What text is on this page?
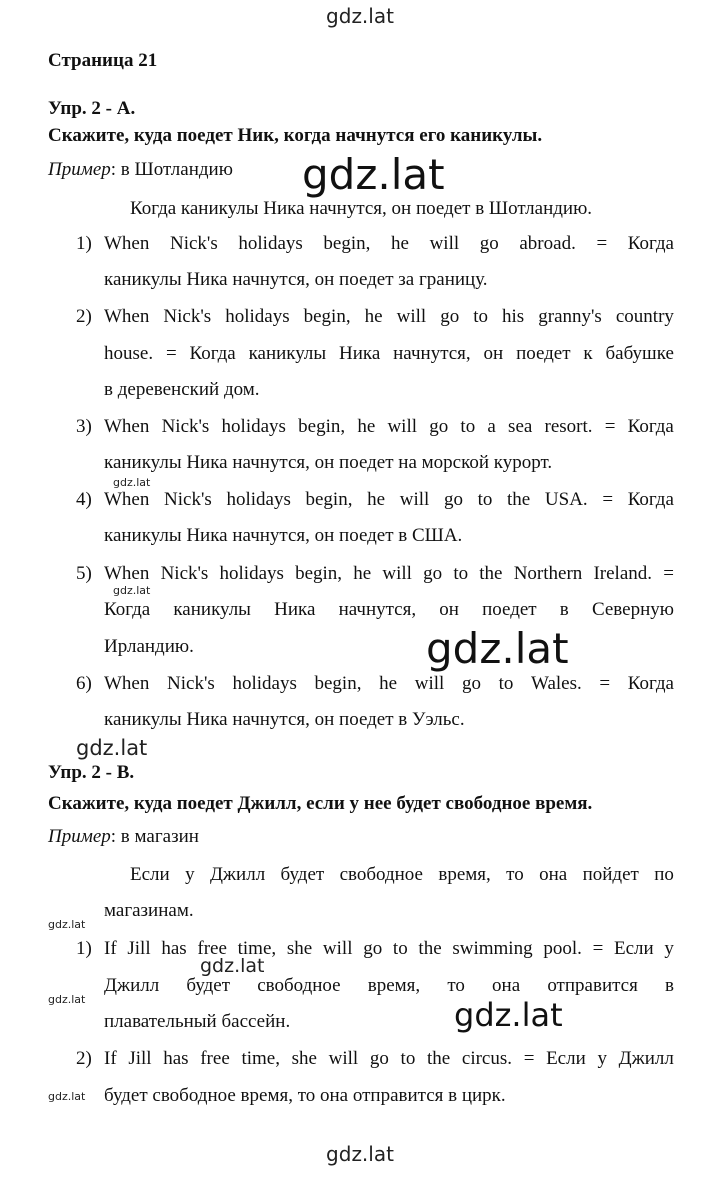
gdz.lat
gdz.lat
gdz.lat
gdz.lat
gdz.lat
gdz.lat
gdz.lat
gdz.lat
gdz.lat	gdz.lat
gdz.lat
gdz.lat
Страница 21
Упр. 2 - А.
Скажите, куда поедет Ник, когда начнутся его каникулы.
Пример: в Шотландию
Когда каникулы Ника начнутся, он поедет в Шотландию.
1) When Nick's holidays begin, he will go abroad. = Когда
каникулы Ника начнутся, он поедет за границу.
2) When Nick's holidays begin, he will go to his granny's country
house. = Когда каникулы Ника начнутся, он поедет к бабушке
в деревенский дом.
3) When Nick's holidays begin, he will go to a sea resort. = Когда
каникулы Ника начнутся, он поедет на морской курорт.
4) When Nick's holidays begin, he will go to the USA. = Когда
каникулы Ника начнутся, он поедет в США.
5) When Nick's holidays begin, he will go to the Northern Ireland. =
Когда каникулы Ника начнутся, он поедет в Северную
Ирландию.
6) When Nick's holidays begin, he will go to Wales. = Когда
каникулы Ника начнутся, он поедет в Уэльс.
Упр. 2 - В.
Скажите, куда поедет Джилл, если у нее будет свободное время.
Пример: в магазин
Если у Джилл будет свободное время, то она пойдет по
магазинам.
1) If Jill has free time, she will go to the swimming pool. = Если у
Джилл будет свободное время, то она отправится в
плавательный бассейн.
2) If Jill has free time, she will go to the circus. = Если у Джилл
будет свободное время, то она отправится в цирк.
